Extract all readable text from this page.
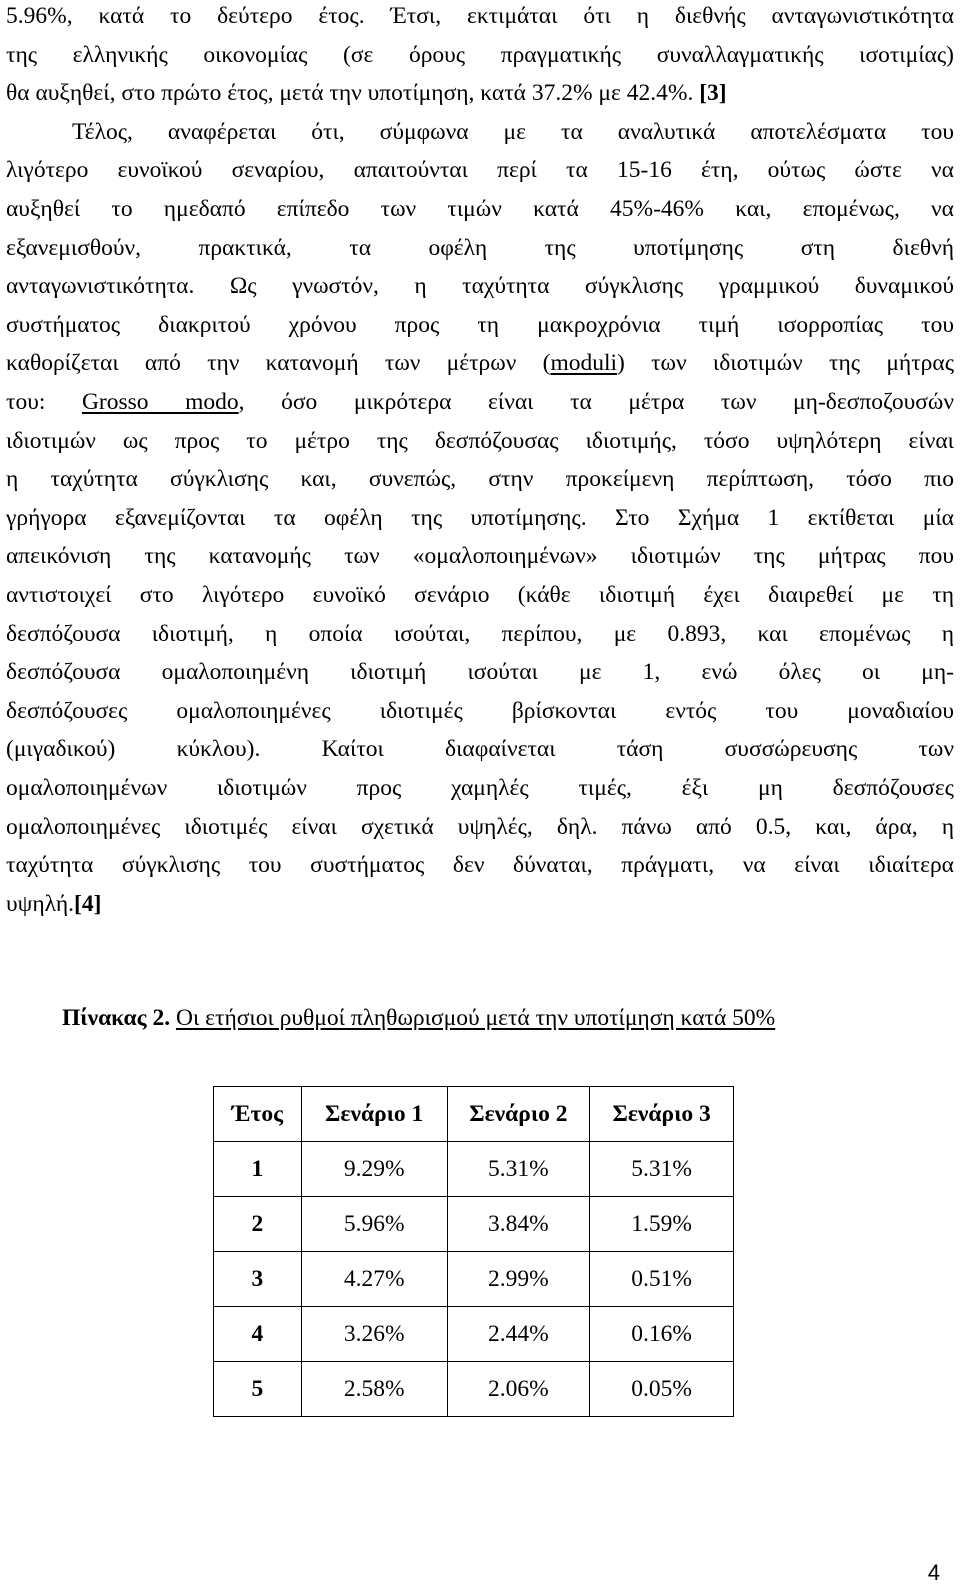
5.96%, κατά το δεύτερο έτος. Έτσι, εκτιμάται ότι η διεθνής ανταγωνιστικότητα
της ελληνικής οικονομίας (σε όρους πραγματικής συναλλαγματικής ισοτιμίας)
θα αυξηθεί, στο πρώτο έτος, μετά την υποτίμηση, κατά 37.2% με 42.4%. [3]
Τέλος, αναφέρεται ότι, σύμφωνα με τα αναλυτικά αποτελέσματα του
λιγότερο ευνοϊκού σεναρίου, απαιτούνται περί τα 15-16 έτη, ούτως ώστε να
αυξηθεί το ημεδαπό επίπεδο των τιμών κατά 45%-46% και, επομένως, να
εξανεμισθούν, πρακτικά, τα οφέλη της υποτίμησης στη διεθνή
ανταγωνιστικότητα. Ως γνωστόν, η ταχύτητα σύγκλισης γραμμικού δυναμικού
συστήματος διακριτού χρόνου προς τη μακροχρόνια τιμή ισορροπίας του
καθορίζεται από την κατανομή των μέτρων (moduli) των ιδιοτιμών της μήτρας
του: Grosso modo, όσο μικρότερα είναι τα μέτρα των μη-δεσποζουσών
ιδιοτιμών ως προς το μέτρο της δεσπόζουσας ιδιοτιμής, τόσο υψηλότερη είναι
η ταχύτητα σύγκλισης και, συνεπώς, στην προκείμενη περίπτωση, τόσο πιο
γρήγορα εξανεμίζονται τα οφέλη της υποτίμησης. Στο Σχήμα 1 εκτίθεται μία
απεικόνιση της κατανομής των «ομαλοποιημένων» ιδιοτιμών της μήτρας που
αντιστοιχεί στο λιγότερο ευνοϊκό σενάριο (κάθε ιδιοτιμή έχει διαιρεθεί με τη
δεσπόζουσα ιδιοτιμή, η οποία ισούται, περίπου, με 0.893, και επομένως η
δεσπόζουσα ομαλοποιημένη ιδιοτιμή ισούται με 1, ενώ όλες οι μη-
δεσπόζουσες ομαλοποιημένες ιδιοτιμές βρίσκονται εντός του μοναδιαίου
(μιγαδικού) κύκλου). Καίτοι διαφαίνεται τάση συσσώρευσης των
ομαλοποιημένων ιδιοτιμών προς χαμηλές τιμές, έξι μη δεσπόζουσες
ομαλοποιημένες ιδιοτιμές είναι σχετικά υψηλές, δηλ. πάνω από 0.5, και, άρα, η
ταχύτητα σύγκλισης του συστήματος δεν δύναται, πράγματι, να είναι ιδιαίτερα
υψηλή.[4]
Πίνακας 2. Οι ετήσιοι ρυθμοί πληθωρισμού μετά την υποτίμηση κατά 50%
Έτος	Σενάριο 1	Σενάριο 2	Σενάριο 3
1	9.29%	5.31%	5.31%
2	5.96%	3.84%	1.59%
3	4.27%	2.99%	0.51%
4	3.26%	2.44%	0.16%
5	2.58%	2.06%	0.05%
4
